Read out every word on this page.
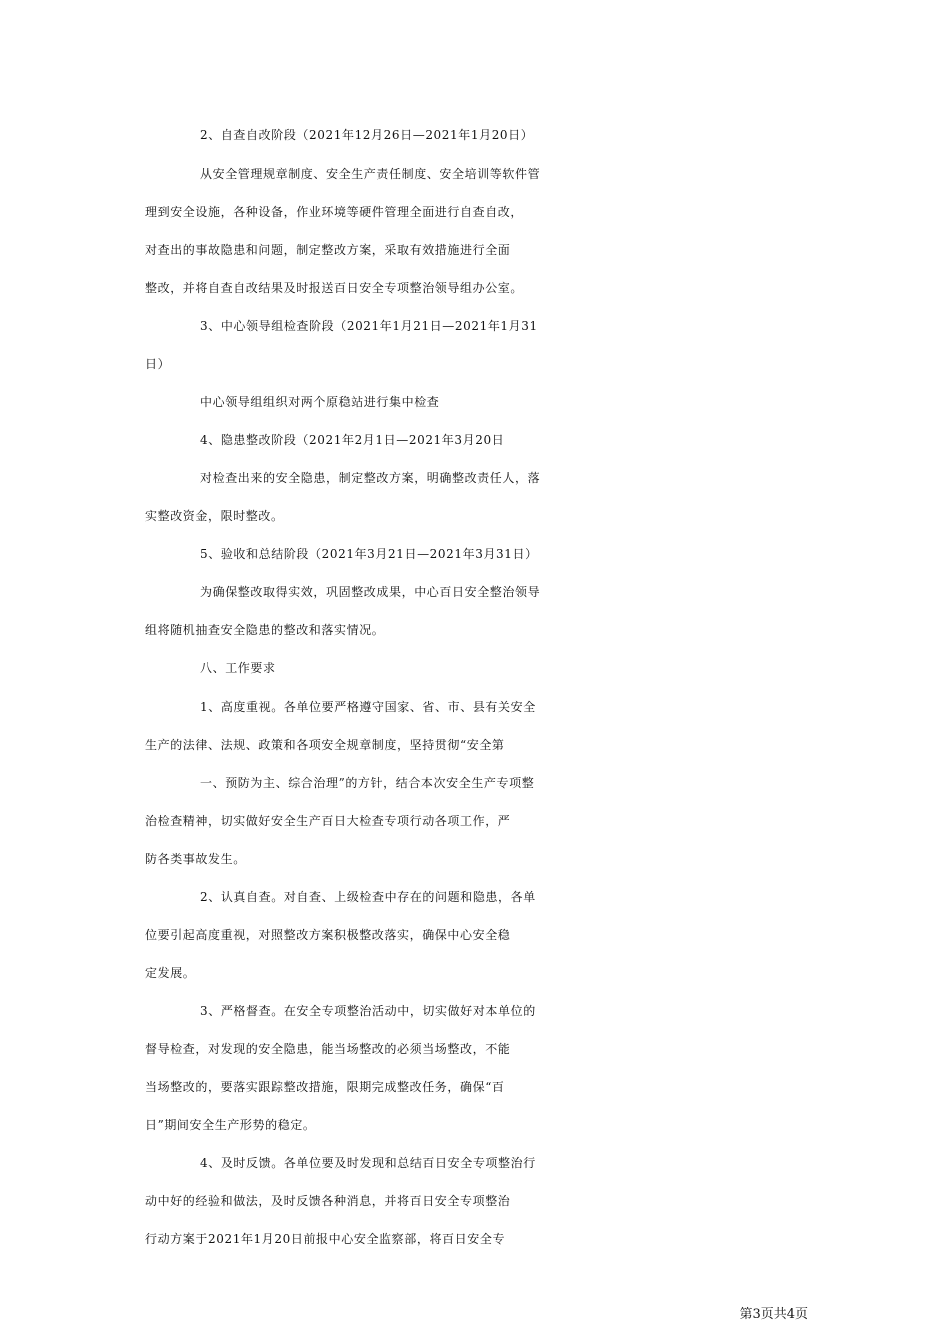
2、自查自改阶段（2021年12月26日—2021年1月20日）
从安全管理规章制度、安全生产责任制度、安全培训等软件管
理到安全设施，各种设备，作业环境等硬件管理全面进行自查自改，
对查出的事故隐患和问题，制定整改方案，采取有效措施进行全面
整改，并将自查自改结果及时报送百日安全专项整治领导组办公室。
3、中心领导组检查阶段（2021年1月21日—2021年1月31
日）
中心领导组组织对两个原稳站进行集中检查
4、隐患整改阶段（2021年2月1日—2021年3月20日
对检查出来的安全隐患，制定整改方案，明确整改责任人，落
实整改资金，限时整改。
5、验收和总结阶段（2021年3月21日—2021年3月31日）
为确保整改取得实效，巩固整改成果，中心百日安全整治领导
组将随机抽查安全隐患的整改和落实情况。
八、工作要求
1、高度重视。各单位要严格遵守国家、省、市、县有关安全
生产的法律、法规、政策和各项安全规章制度，坚持贯彻“安全第
一、预防为主、综合治理”的方针，结合本次安全生产专项整
治检查精神，切实做好安全生产百日大检查专项行动各项工作，严
防各类事故发生。
2、认真自查。对自查、上级检查中存在的问题和隐患，各单
位要引起高度重视，对照整改方案积极整改落实，确保中心安全稳
定发展。
3、严格督查。在安全专项整治活动中，切实做好对本单位的
督导检查，对发现的安全隐患，能当场整改的必须当场整改，不能
当场整改的，要落实跟踪整改措施，限期完成整改任务，确保“百
日”期间安全生产形势的稳定。
4、及时反馈。各单位要及时发现和总结百日安全专项整治行
动中好的经验和做法，及时反馈各种消息，并将百日安全专项整治
行动方案于2021年1月20日前报中心安全监察部，将百日安全专
第3页共4页
